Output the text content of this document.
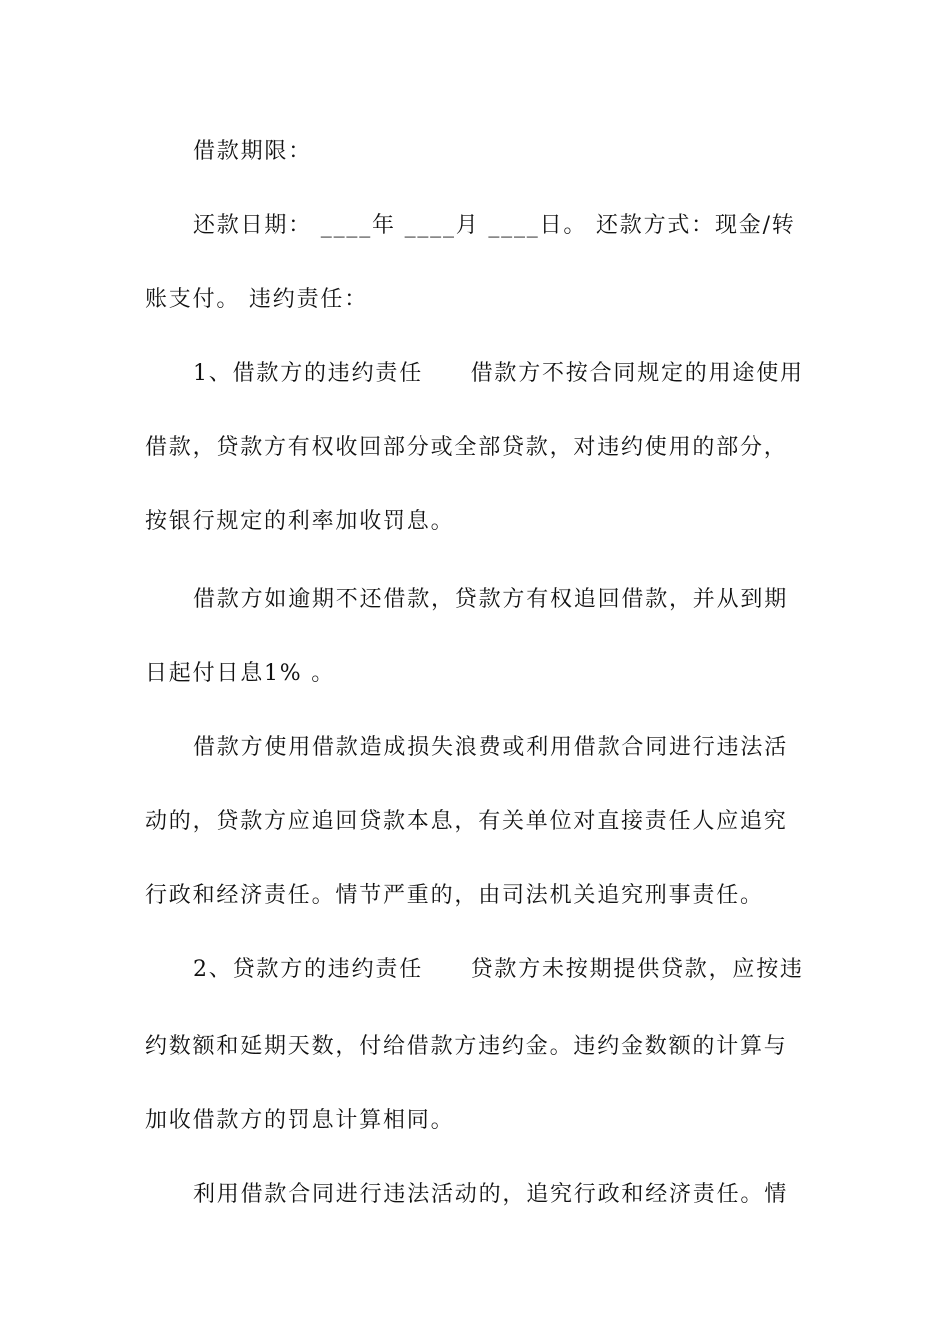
借款期限：
还款日期： ____年 ____月 ____日。 还款方式：现金/转
账支付。 违约责任：
1、借款方的违约责任　　借款方不按合同规定的用途使用
借款，贷款方有权收回部分或全部贷款，对违约使用的部分，
按银行规定的利率加收罚息。
借款方如逾期不还借款，贷款方有权追回借款，并从到期
日起付日息1% 。
借款方使用借款造成损失浪费或利用借款合同进行违法活
动的，贷款方应追回贷款本息，有关单位对直接责任人应追究
行政和经济责任。情节严重的，由司法机关追究刑事责任。
2、贷款方的违约责任　　贷款方未按期提供贷款，应按违
约数额和延期天数，付给借款方违约金。违约金数额的计算与
加收借款方的罚息计算相同。
利用借款合同进行违法活动的，追究行政和经济责任。情
